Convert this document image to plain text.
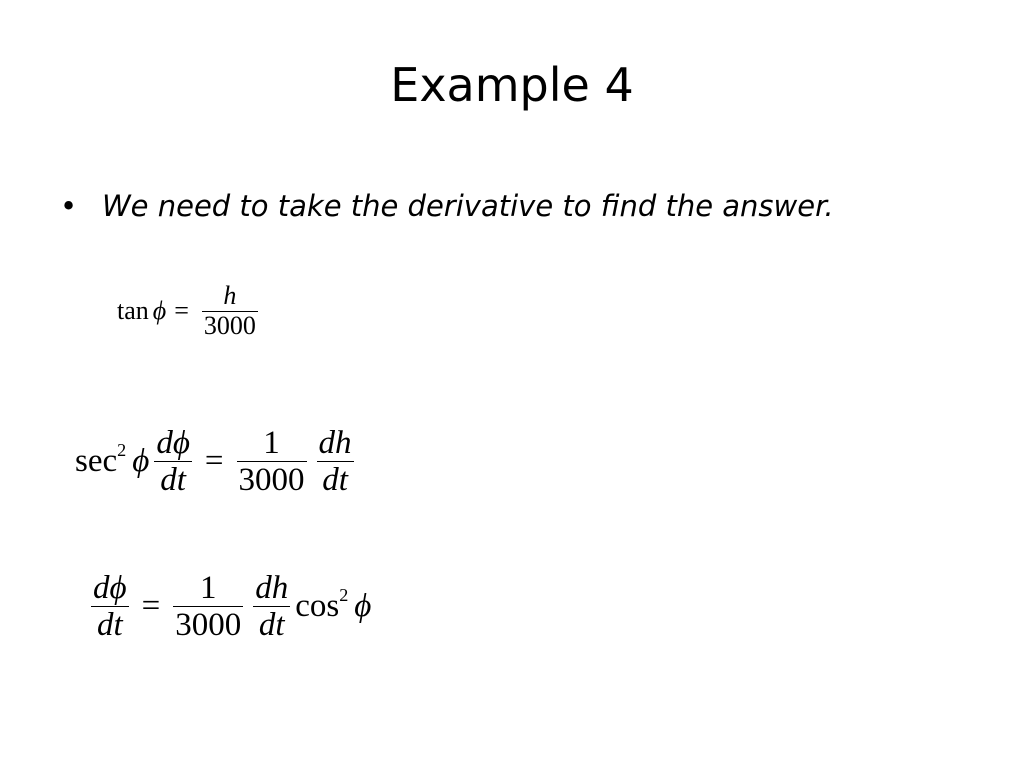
Example 4
• We need to take the derivative to find the answer.
$\tan \phi = \frac{h}{3000}$
$\sec^2 \phi \frac{d\phi}{dt} = \frac{1}{3000} \frac{dh}{dt}$
$\frac{d\phi}{dt} = \frac{1}{3000} \frac{dh}{dt} \cos^2 \phi$
